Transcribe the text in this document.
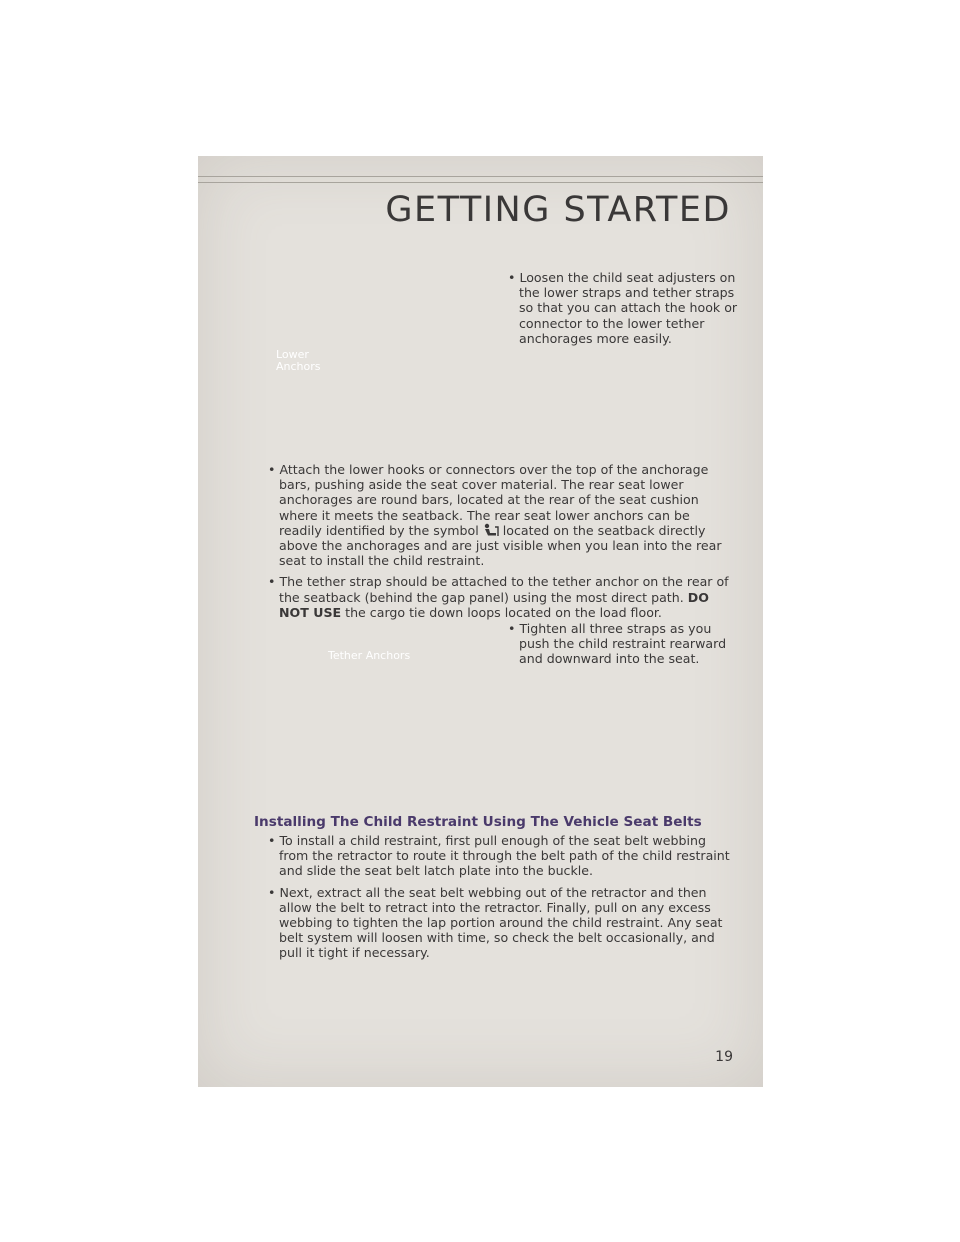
GETTING STARTED
Lower
Anchors

• Loosen the child seat adjusters on the lower straps and tether straps so that you can attach the hook or connector to the lower tether anchorages more easily.

• Attach the lower hooks or connectors over the top of the anchorage bars, pushing aside the seat cover material. The rear seat lower anchorages are round bars, located at the rear of the seat cushion where it meets the seatback. The rear seat lower anchors can be readily identified by the symbol located on the seatback directly above the anchorages and are just visible when you lean into the rear seat to install the child restraint.

• The tether strap should be attached to the tether anchor on the rear of the seatback (behind the gap panel) using the most direct path. DO NOT USE the cargo tie down loops located on the load floor.

Tether Anchors

• Tighten all three straps as you push the child restraint rearward and downward into the seat.

Installing The Child Restraint Using The Vehicle Seat Belts

• To install a child restraint, first pull enough of the seat belt webbing from the retractor to route it through the belt path of the child restraint and slide the seat belt latch plate into the buckle.

• Next, extract all the seat belt webbing out of the retractor and then allow the belt to retract into the retractor. Finally, pull on any excess webbing to tighten the lap portion around the child restraint. Any seat belt system will loosen with time, so check the belt occasionally, and pull it tight if necessary.

19
